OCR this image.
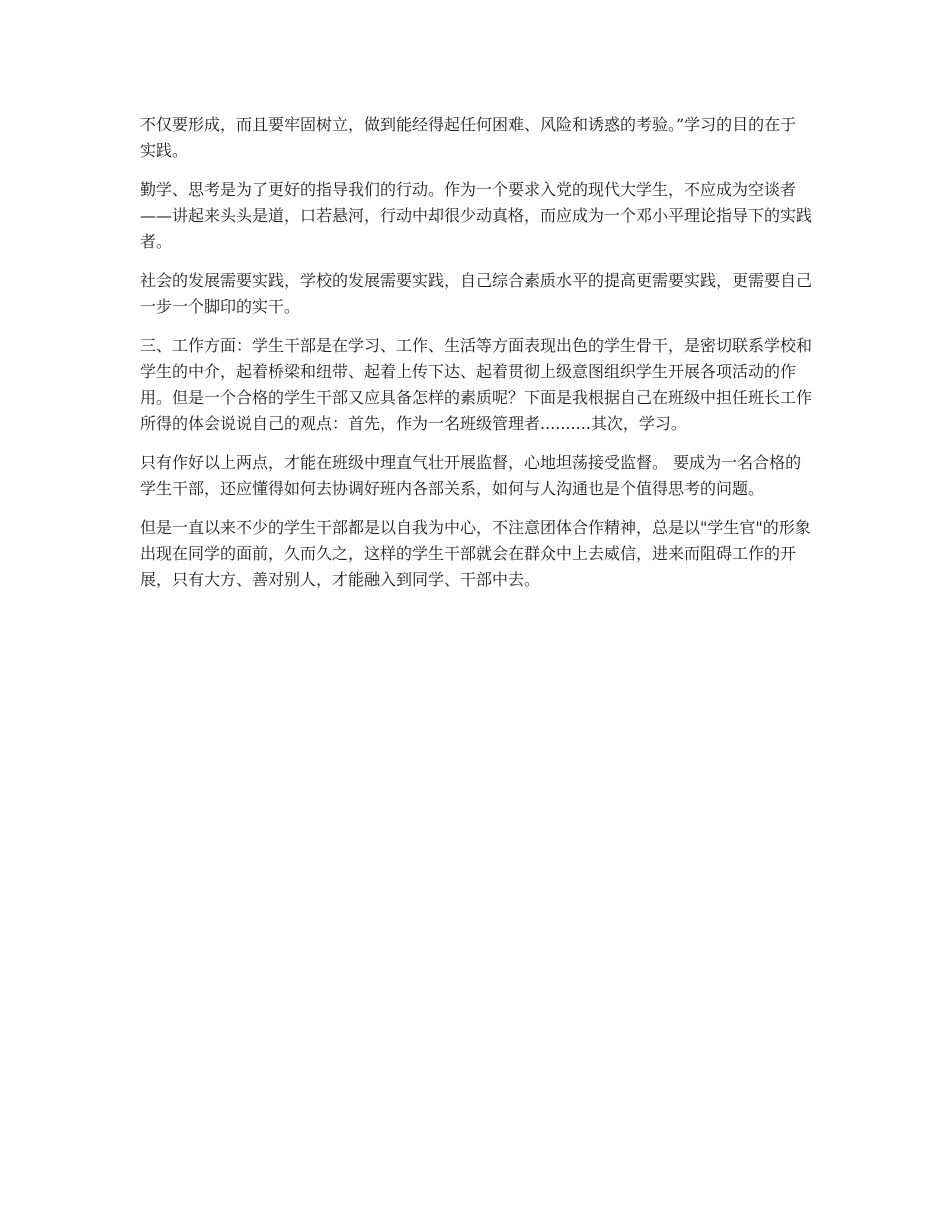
不仅要形成，而且要牢固树立，做到能经得起任何困难、风险和诱惑的考验。”学习的目的在于实践。

勤学、思考是为了更好的指导我们的行动。作为一个要求入党的现代大学生，不应成为空谈者——讲起来头头是道，口若悬河，行动中却很少动真格，而应成为一个邓小平理论指导下的实践者。

社会的发展需要实践，学校的发展需要实践，自己综合素质水平的提高更需要实践，更需要自己一步一个脚印的实干。

三、工作方面：学生干部是在学习、工作、生活等方面表现出色的学生骨干，是密切联系学校和学生的中介，起着桥梁和纽带、起着上传下达、起着贯彻上级意图组织学生开展各项活动的作用。但是一个合格的学生干部又应具备怎样的素质呢？下面是我根据自己在班级中担任班长工作所得的体会说说自己的观点：首先，作为一名班级管理者..........其次，学习。

只有作好以上两点，才能在班级中理直气壮开展监督，心地坦荡接受监督。 要成为一名合格的学生干部，还应懂得如何去协调好班内各部关系，如何与人沟通也是个值得思考的问题。

但是一直以来不少的学生干部都是以自我为中心，不注意团体合作精神，总是以"学生官"的形象出现在同学的面前，久而久之，这样的学生干部就会在群众中上去威信，进来而阻碍工作的开展，只有大方、善对别人，才能融入到同学、干部中去。
